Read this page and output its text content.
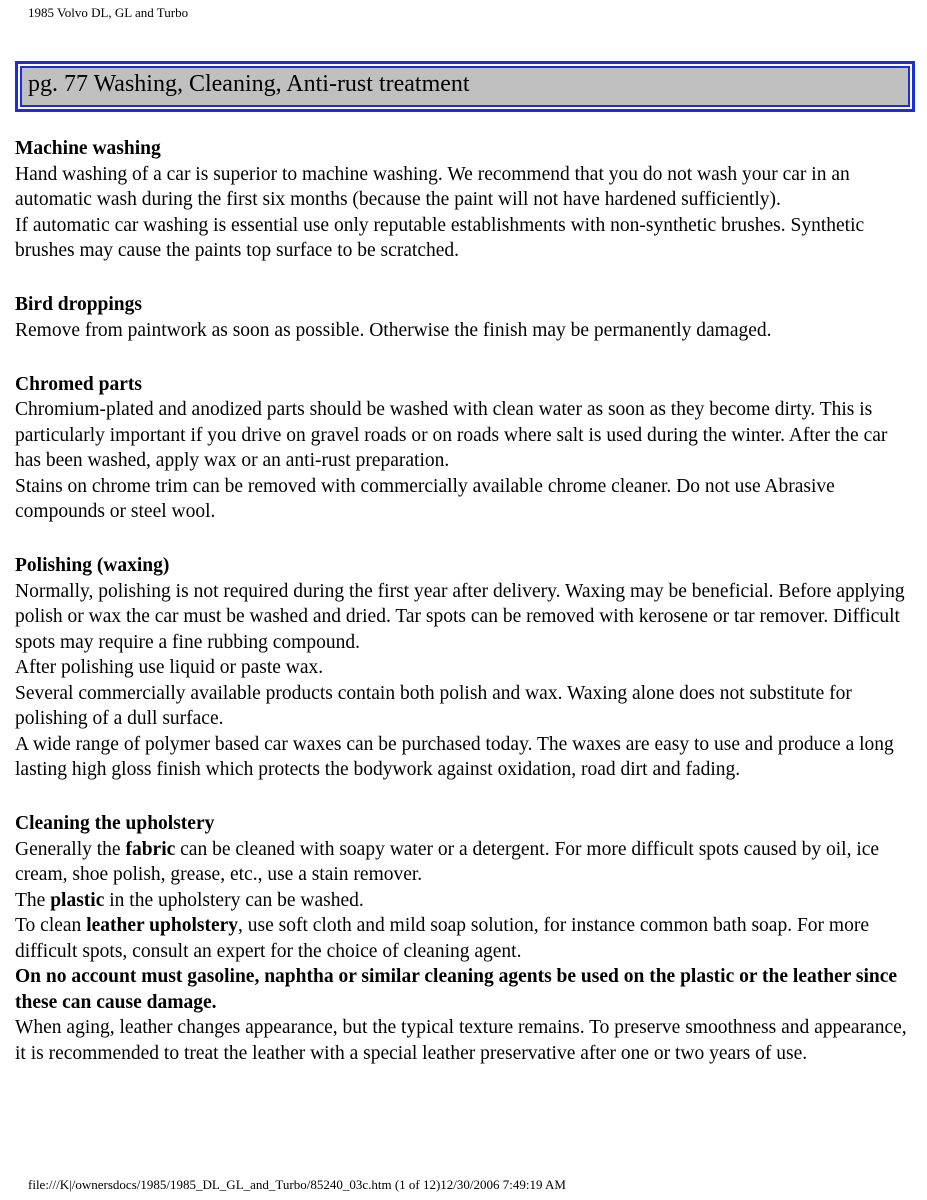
1985 Volvo DL, GL and Turbo
pg. 77 Washing, Cleaning, Anti-rust treatment

Machine washing

Hand washing of a car is superior to machine washing. We recommend that you do not wash your car in an automatic wash during the first six months (because the paint will not have hardened sufficiently).

If automatic car washing is essential use only reputable establishments with non-synthetic brushes. Synthetic brushes may cause the paints top surface to be scratched.

Bird droppings

Remove from paintwork as soon as possible. Otherwise the finish may be permanently damaged.

Chromed parts

Chromium-plated and anodized parts should be washed with clean water as soon as they become dirty. This is particularly important if you drive on gravel roads or on roads where salt is used during the winter. After the car has been washed, apply wax or an anti-rust preparation.

Stains on chrome trim can be removed with commercially available chrome cleaner. Do not use Abrasive compounds or steel wool.

Polishing (waxing)

Normally, polishing is not required during the first year after delivery. Waxing may be beneficial. Before applying polish or wax the car must be washed and dried. Tar spots can be removed with kerosene or tar remover. Difficult spots may require a fine rubbing compound.

After polishing use liquid or paste wax.

Several commercially available products contain both polish and wax. Waxing alone does not substitute for polishing of a dull surface.

A wide range of polymer based car waxes can be purchased today. The waxes are easy to use and produce a long lasting high gloss finish which protects the bodywork against oxidation, road dirt and fading.

Cleaning the upholstery

Generally the fabric can be cleaned with soapy water or a detergent. For more difficult spots caused by oil, ice cream, shoe polish, grease, etc., use a stain remover.

The plastic in the upholstery can be washed.

To clean leather upholstery, use soft cloth and mild soap solution, for instance common bath soap. For more difficult spots, consult an expert for the choice of cleaning agent.

On no account must gasoline, naphtha or similar cleaning agents be used on the plastic or the leather since these can cause damage.

When aging, leather changes appearance, but the typical texture remains. To preserve smoothness and appearance, it is recommended to treat the leather with a special leather preservative after one or two years of use.

file:///K|/ownersdocs/1985/1985_DL_GL_and_Turbo/85240_03c.htm (1 of 12)12/30/2006 7:49:19 AM
